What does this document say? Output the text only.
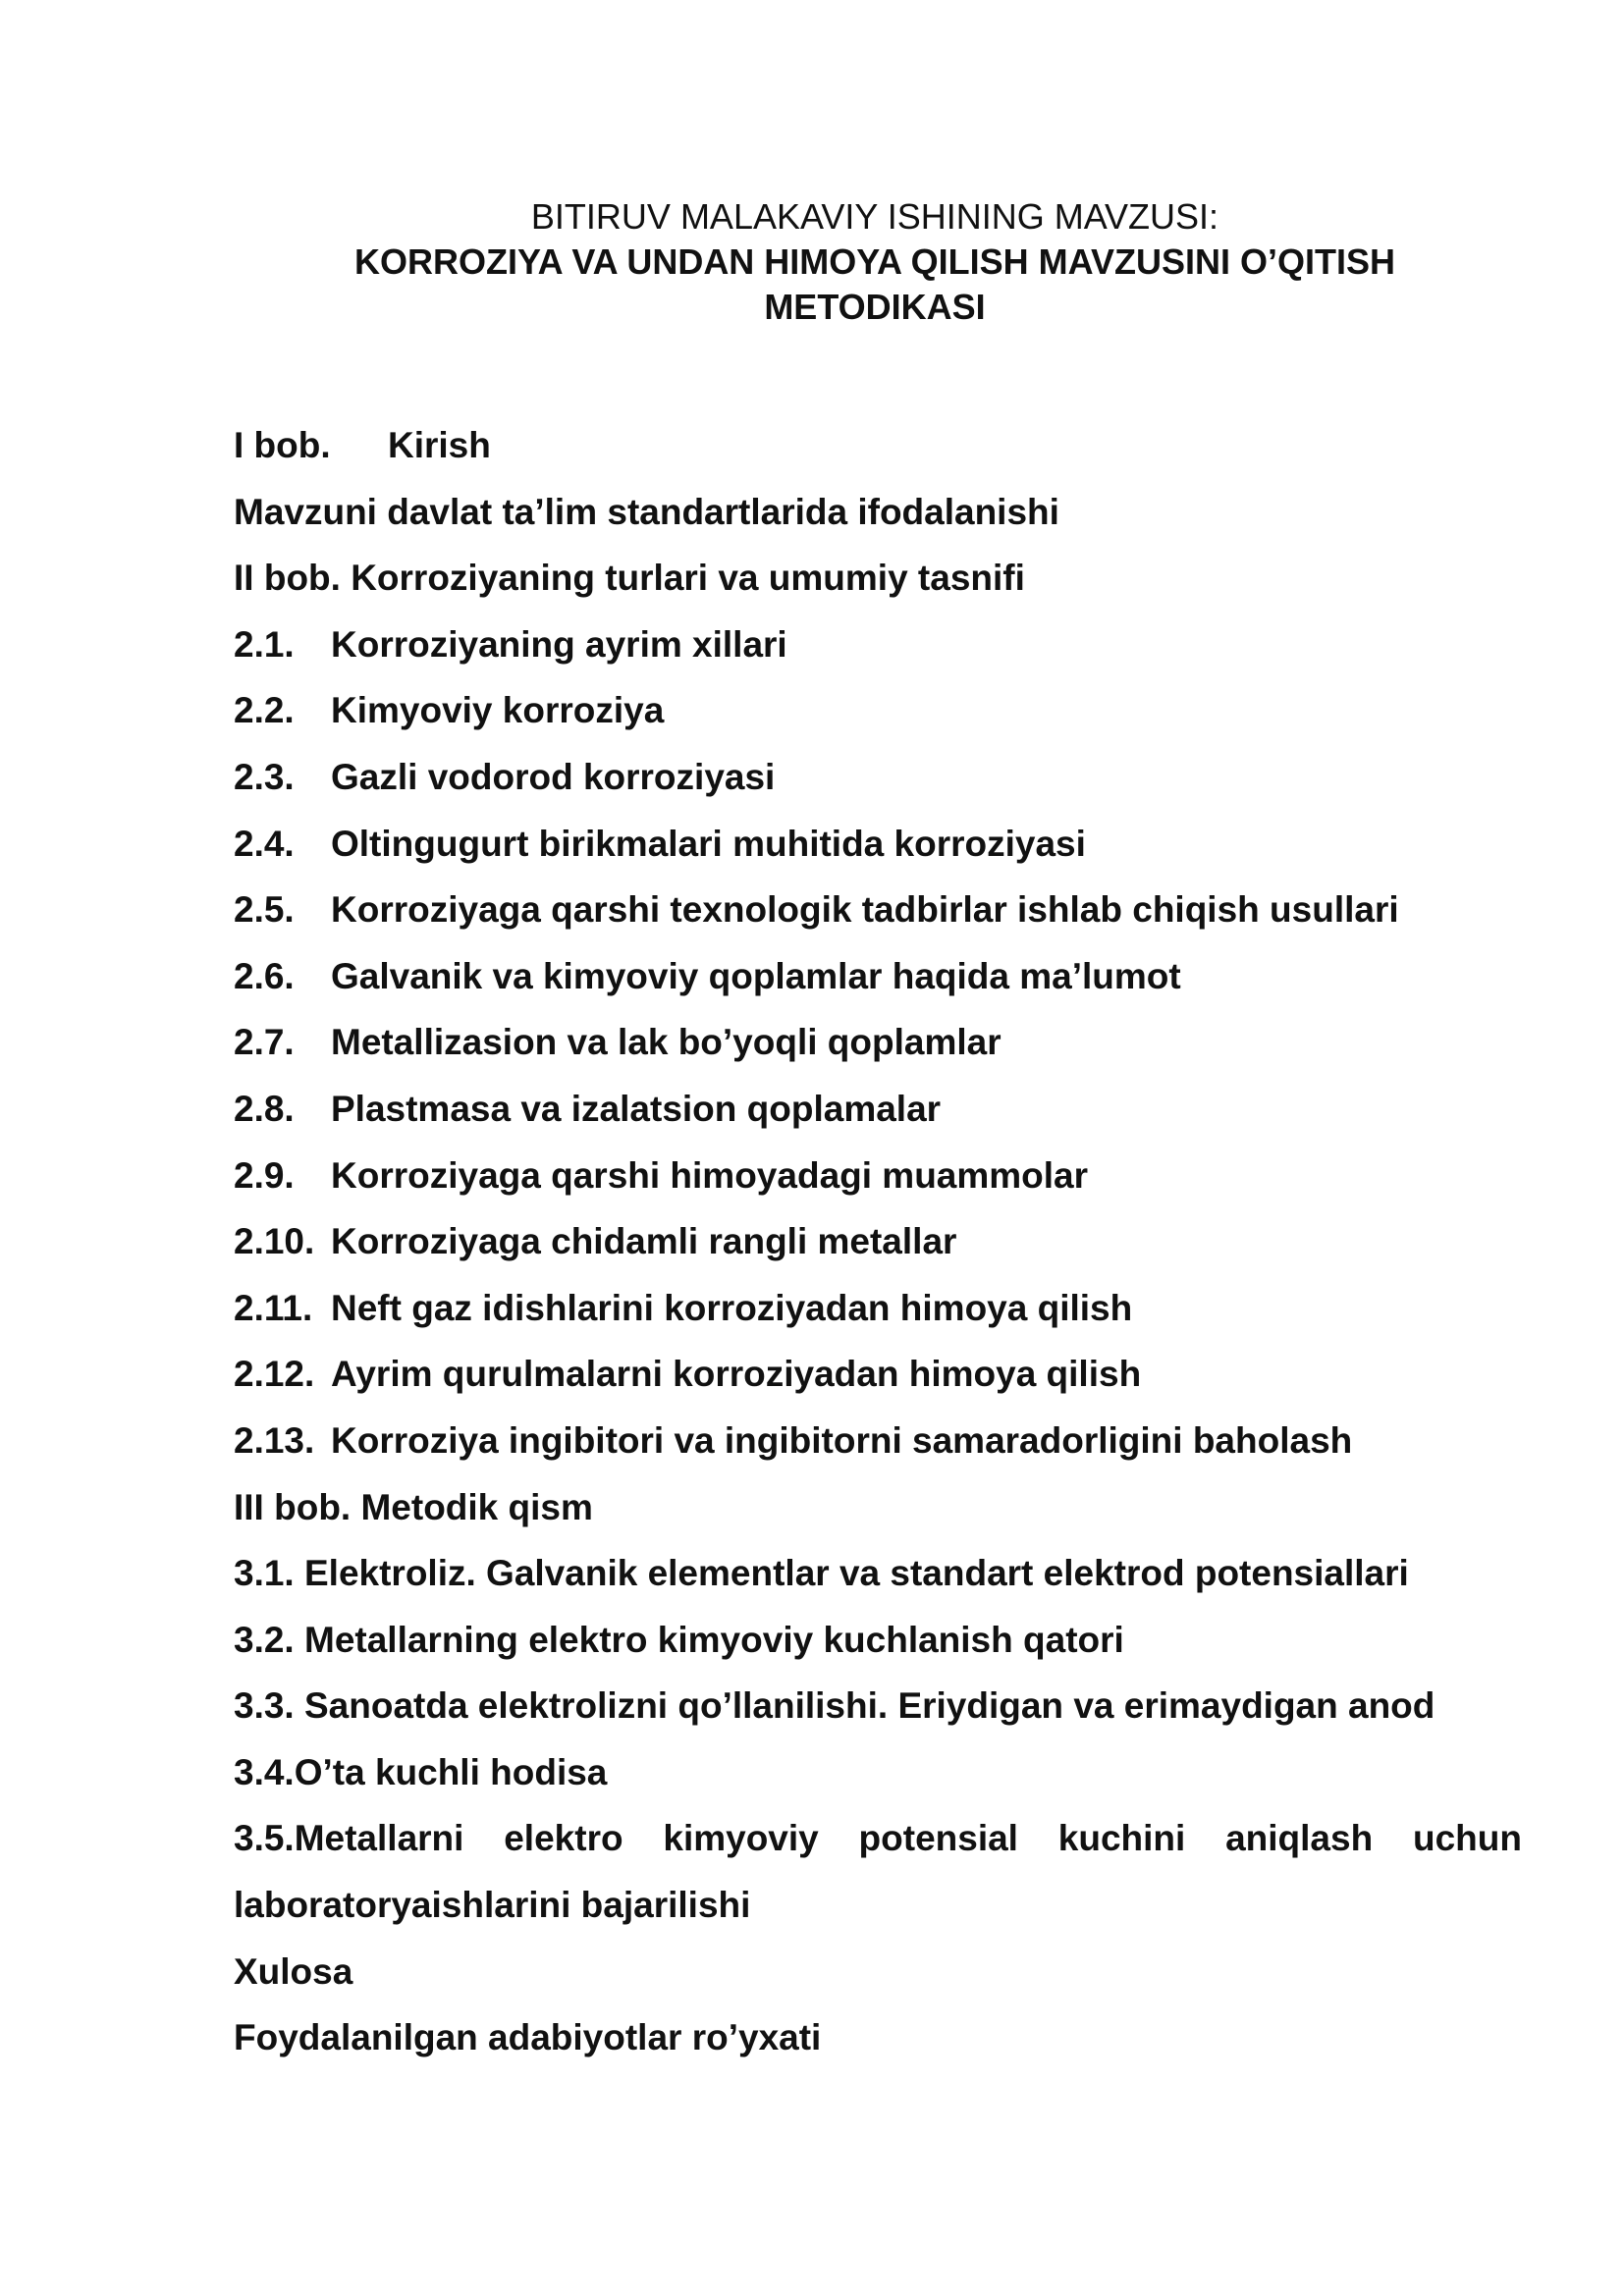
BITIRUV MALAKAVIY ISHINING MAVZUSI:
KORROZIYA VA UNDAN HIMOYA QILISH MAVZUSINI O’QITISH
METODIKASI
I bob. Kirish
Mavzuni davlat ta’lim standartlarida ifodalanishi
II bob. Korroziyaning turlari va umumiy tasnifi
2.1. Korroziyaning ayrim xillari
2.2. Kimyoviy korroziya
2.3. Gazli vodorod korroziyasi
2.4. Oltingugurt birikmalari muhitida korroziyasi
2.5. Korroziyaga qarshi texnologik tadbirlar ishlab chiqish usullari
2.6. Galvanik va kimyoviy qoplamlar haqida ma’lumot
2.7. Metallizasion va lak bo’yoqli qoplamlar
2.8. Plastmasa va izalatsion qoplamalar
2.9. Korroziyaga qarshi himoyadagi muammolar
2.10. Korroziyaga chidamli rangli metallar
2.11. Neft gaz idishlarini korroziyadan himoya qilish
2.12. Ayrim qurulmalarni korroziyadan himoya qilish
2.13. Korroziya ingibitori va ingibitorni samaradorligini baholash
III bob. Metodik qism
3.1. Elektroliz. Galvanik elementlar va standart elektrod potensiallari
3.2. Metallarning elektro kimyoviy kuchlanish qatori
3.3. Sanoatda elektrolizni qo’llanilishi. Eriydigan va erimaydigan anod
3.4.O’ta kuchli hodisa
3.5.Metallarni elektro kimyoviy potensial kuchini aniqlash uchun
laboratoryaishlarini bajarilishi
Xulosa
Foydalanilgan adabiyotlar ro’yxati
